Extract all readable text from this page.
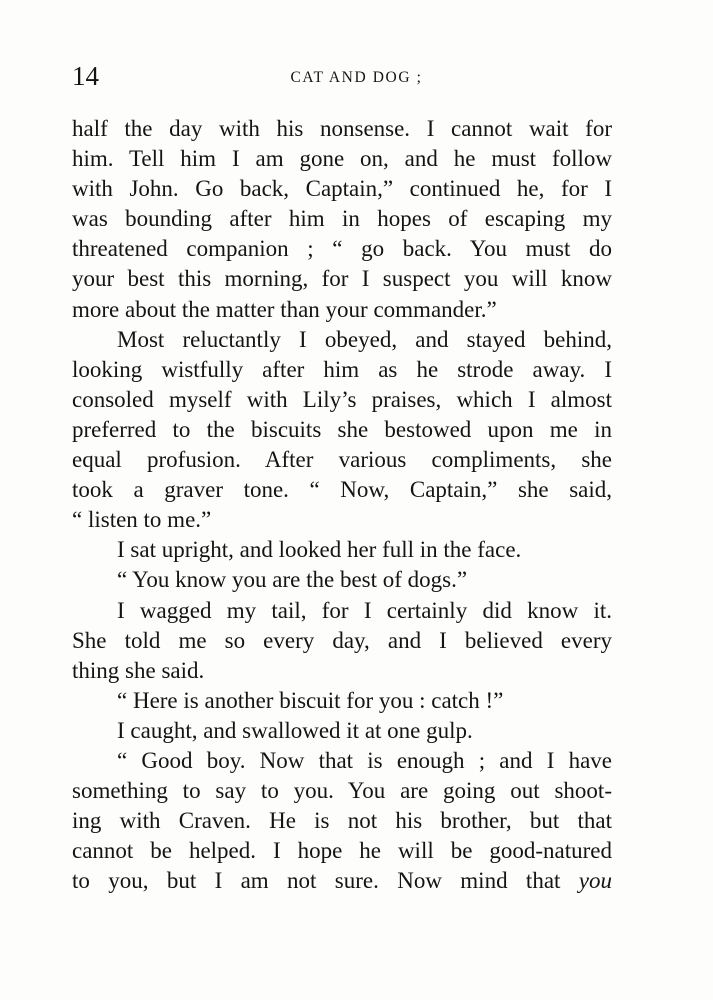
14	CAT AND DOG ;
half the day with his nonsense. I cannot wait for
him. Tell him I am gone on, and he must follow
with John. Go back, Captain,” continued he, for I
was bounding after him in hopes of escaping my
threatened companion ; “ go back. You must do
your best this morning, for I suspect you will know
more about the matter than your commander.”
Most reluctantly I obeyed, and stayed behind,
looking wistfully after him as he strode away. I
consoled myself with Lily’s praises, which I almost
preferred to the biscuits she bestowed upon me in
equal profusion. After various compliments, she
took a graver tone. “ Now, Captain,” she said,
“ listen to me.”
I sat upright, and looked her full in the face.
“ You know you are the best of dogs.”
I wagged my tail, for I certainly did know it.
She told me so every day, and I believed every
thing she said.
“ Here is another biscuit for you : catch !”
I caught, and swallowed it at one gulp.
“ Good boy. Now that is enough ; and I have
something to say to you. You are going out shoot-
ing with Craven. He is not his brother, but that
cannot be helped. I hope he will be good-natured
to you, but I am not sure. Now mind that you
